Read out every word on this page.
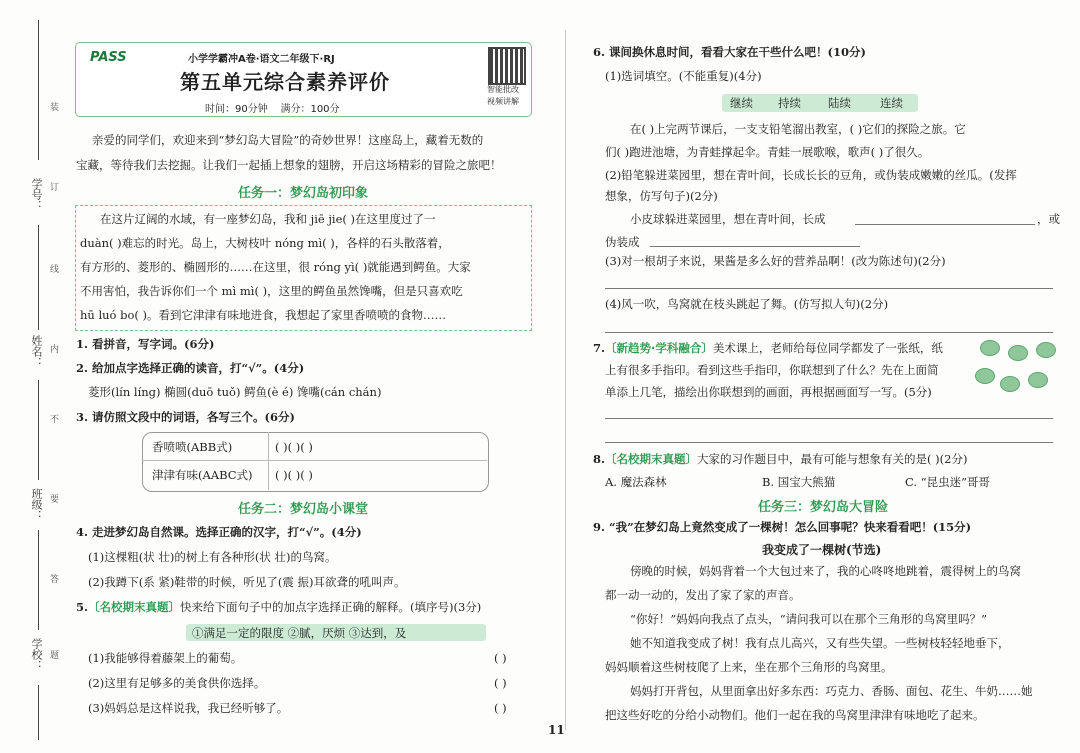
学号：
姓名：
班级：
学校：
装
订
线
内
不
要
答
题
PASS	小学学霸冲A卷·语文二年级下·RJ
第五单元综合素养评价
时间：90分钟 满分：100分
智能批改
视频讲解
亲爱的同学们，欢迎来到“梦幻岛大冒险”的奇妙世界！这座岛上，藏着无数的
宝藏，等待我们去挖掘。让我们一起插上想象的翅膀，开启这场精彩的冒险之旅吧！
任务一：梦幻岛初印象
在这片辽阔的水域，有一座梦幻岛，我和 jiē jie( )在这里度过了一
duàn( )难忘的时光。岛上，大树枝叶 nóng mì( )，各样的石头散落着，
有方形的、菱形的、椭圆形的……在这里，很 róng yì( )就能遇到鳄鱼。大家
不用害怕，我告诉你们一个 mì mì( )，这里的鳄鱼虽然馋嘴，但是只喜欢吃
hū luó bo( )。看到它津津有味地进食，我想起了家里香喷喷的食物……
1. 看拼音，写字词。(6分)
2. 给加点字选择正确的读音，打“√”。(4分)
菱形(lín líng) 椭圆(duō tuǒ) 鳄鱼(è é) 馋嘴(cán chán)
3. 请仿照文段中的词语，各写三个。(6分)
香喷喷(ABB式)	( )( )( )
津津有味(AABC式) ( )( )( )
任务二：梦幻岛小课堂
4. 走进梦幻岛自然课。选择正确的汉字，打“√”。(4分)
(1)这棵粗(状 壮)的树上有各种形(状 壮)的鸟窝。
(2)我蹲下(系 紧)鞋带的时候，听见了(震 振)耳欲聋的吼叫声。
5.〔名校期末真题〕快来给下面句子中的加点字选择正确的解释。(填序号)(3分)
①满足一定的限度 ②腻，厌烦 ③达到，及
(1)我能够得着藤架上的葡萄。	( )
(2)这里有足够多的美食供你选择。	( )
(3)妈妈总是这样说我，我已经听够了。	( )
6. 课间换休息时间，看看大家在干些什么吧！(10分)
(1)选词填空。(不能重复)(4分)
继续 持续 陆续	连续
在( )上完两节课后，一支支铅笔溜出教室，( )它们的探险之旅。它
们( )跑进池塘，为青蛙撑起伞。青蛙一展歌喉，歌声( )了很久。
(2)铅笔躲进菜园里，想在青叶间，长成长长的豆角，或伪装成嫩嫩的丝瓜。(发挥
想象，仿写句子)(2分)
小皮球躲进菜园里，想在青叶间，长成	，或
伪装成
(3)对一根胡子来说，果酱是多么好的营养品啊！(改为陈述句)(2分)
(4)风一吹，鸟窝就在枝头跳起了舞。(仿写拟人句)(2分)
7.〔新趋势·学科融合〕美术课上，老师给每位同学都发了一张纸，纸
上有很多手指印。看到这些手指印，你联想到了什么？先在上面简
单添上几笔，描绘出你联想到的画面，再根据画面写一写。(5分)
8.〔名校期末真题〕大家的习作题目中，最有可能与想象有关的是( )(2分)
A. 魔法森林	B. 国宝大熊猫	C. “昆虫迷”哥哥
任务三：梦幻岛大冒险
9. “我”在梦幻岛上竟然变成了一棵树！怎么回事呢？快来看看吧！(15分)
我变成了一棵树(节选)
傍晚的时候，妈妈背着一个大包过来了，我的心咚咚地跳着，震得树上的鸟窝
都一动一动的，发出了家了家的声音。
“你好！”妈妈向我点了点头，“请问我可以在那个三角形的鸟窝里吗？”
她不知道我变成了树！我有点儿高兴，又有些失望。一些树枝轻轻地垂下，
妈妈顺着这些树枝爬了上来，坐在那个三角形的鸟窝里。
妈妈打开背包，从里面拿出好多东西：巧克力、香肠、面包、花生、牛奶……她
把这些好吃的分给小动物们。他们一起在我的鸟窝里津津有味地吃了起来。
11
